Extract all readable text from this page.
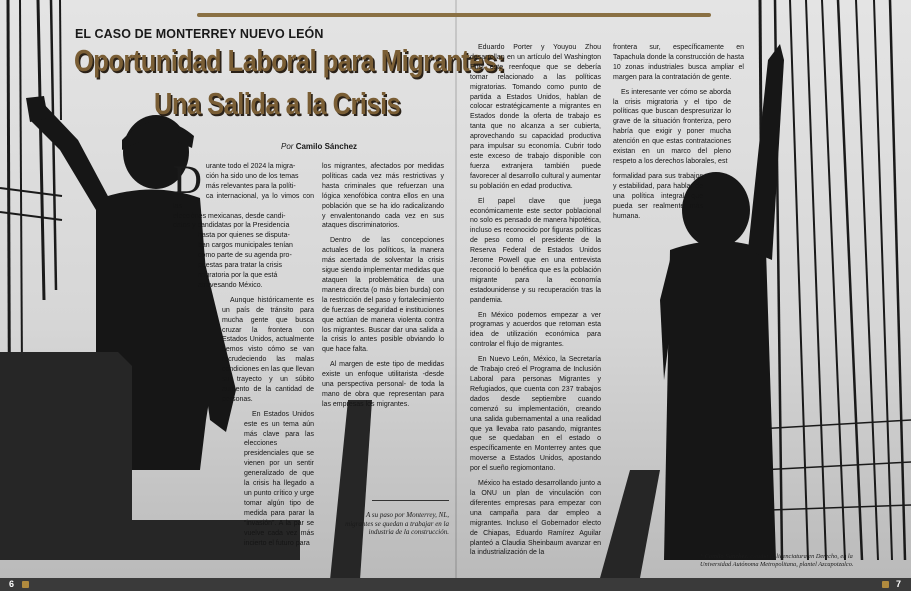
EL CASO DE MONTERREY NUEVO LEÓN
Oportunidad Laboral para Migrantes:
Una Salida a la Crisis
Por Camilo Sánchez

D urante todo el 2024 la migra-
ción ha sido uno de los temas
más relevantes para la políti-
ca internacional, ya lo vimos con las
elecciones mexicanas, desde candi-
datos y candidatas por la Presidencia
hasta por quienes se disputa-
ban cargos municipales tenían
como parte de su agenda pro-
puestas para tratar la crisis
migratoria por la que está
atravesando México.

Aunque históricamente es un país de tránsito para mucha gente que busca cruzar la frontera con Estados Unidos, actualmente hemos visto cómo se van recrudeciendo las malas condiciones en las que llevan su trayecto y un súbito aumento de la cantidad de personas.

En Estados Unidos este es un tema aún más clave para las elecciones presidenciales que se vienen por un sentir generalizado de que la crisis ha llegado a un punto crítico y urge tomar algún tipo de medida para parar la “invasión”. A la par se vuelve cada vez más incierto el futuro para

los migrantes, afectados por medidas políticas cada vez más restrictivas y hasta criminales que refuerzan una lógica xenofóbica contra ellos en una población que se ha ido radicalizando y envalentonando cada vez en sus ataques discriminatorios.

Dentro de las concepciones actuales de los políticos, la manera más acertada de solventar la crisis sigue siendo implementar medidas que ataquen la problemática de una manera directa (o más bien burda) con la restricción del paso y fortalecimiento de fuerzas de seguridad e instituciones que actúan de manera violenta contra los migrantes. Buscar dar una salida a la crisis lo antes posible obviando lo que hace falta.

Al margen de este tipo de medidas existe un enfoque utilitarista -desde una perspectiva personal- de toda la mano de obra que representan para las empresas los migrantes.

Eduardo Porter y Youyou Zhou desarrollan en un artículo del Washington Post este reenfoque que se debería tomar relacionado a las políticas migratorias. Tomando como punto de partida a Estados Unidos, hablan de colocar estratégicamente a migrantes en Estados donde la oferta de trabajo es tanta que no alcanza a ser cubierta, aprovechando su capacidad productiva para impulsar su economía. Cubrir todo este exceso de trabajo disponible con fuerza extranjera también puede favorecer al desarrollo cultural y aumentar su población en edad productiva.

El papel clave que juega económicamente este sector poblacional no solo es pensado de manera hipotética, incluso es reconocido por figuras políticas de peso como el presidente de la Reserva Federal de Estados Unidos Jerome Powell que en una entrevista reconoció lo benéfica que es la población migrante para la economía estadounidense y su recuperación tras la pandemia.

En México podemos empezar a ver programas y acuerdos que retoman esta idea de utilización económica para controlar el flujo de migrantes.

En Nuevo León, México, la Secretaría de Trabajo creó el Programa de Inclusión Laboral para personas Migrantes y Refugiados, que cuenta con 237 trabajos dados desde septiembre cuando comenzó su implementación, creando una salida gubernamental a una realidad que ya llevaba rato pasando, migrantes que se quedaban en el estado o específicamente en Monterrey antes que moverse a Estados Unidos, apostando por el sueño regiomontano.

México ha estado desarrollando junto a la ONU un plan de vinculación con diferentes empresas para empezar con una campaña para dar empleo a migrantes. Incluso el Gobernador electo de Chiapas, Eduardo Ramírez Aguilar planteó a Claudia Sheinbaum avanzar en la industrialización de la

frontera sur, específicamente en Tapachula donde la construcción de hasta 10 zonas industriales busca ampliar el margen para la contratación de gente.

Es interesante ver cómo se aborda la crisis migratoria y el tipo de políticas que buscan despresurizar lo grave de la situación fronteriza, pero habría que exigir y poner mucha atención en que estas contrataciones existan en un marco del pleno respeto a los derechos laborales, est

formalidad para sus trabajos y estabilidad, para hablar de una política integral que pueda ser realmente más humana.

A su paso por Monterrey, NL, migrantes se quedan a trabajar en la industria de la construcción.
* Camilo Sánchez, estudia la licenciatura en Derecho, en la Universidad Autónoma Metropolitana, plantel Azcapotzalco.
6	7
